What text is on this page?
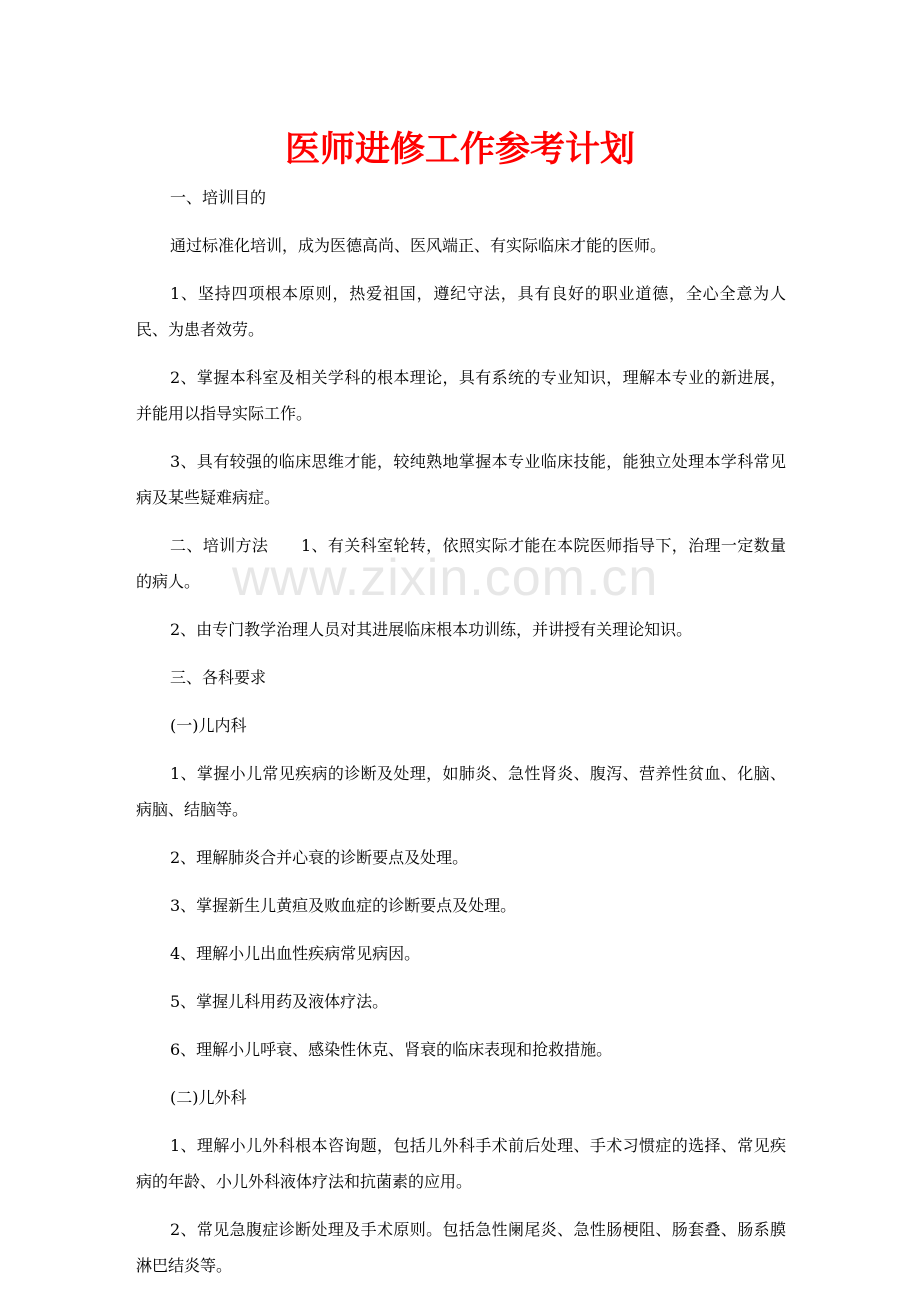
医师进修工作参考计划

一、培训目的

通过标准化培训，成为医德高尚、医风端正、有实际临床才能的医师。

1、坚持四项根本原则，热爱祖国，遵纪守法，具有良好的职业道德，全心全意为人民、为患者效劳。

2、掌握本科室及相关学科的根本理论，具有系统的专业知识，理解本专业的新进展，并能用以指导实际工作。

3、具有较强的临床思维才能，较纯熟地掌握本专业临床技能，能独立处理本学科常见病及某些疑难病症。

二、培训方法　　1、有关科室轮转，依照实际才能在本院医师指导下，治理一定数量的病人。

2、由专门教学治理人员对其进展临床根本功训练，并讲授有关理论知识。

三、各科要求

(一)儿内科

1、掌握小儿常见疾病的诊断及处理，如肺炎、急性肾炎、腹泻、营养性贫血、化脑、病脑、结脑等。

2、理解肺炎合并心衰的诊断要点及处理。

3、掌握新生儿黄疸及败血症的诊断要点及处理。

4、理解小儿出血性疾病常见病因。

5、掌握儿科用药及液体疗法。

6、理解小儿呼衰、感染性休克、肾衰的临床表现和抢救措施。

(二)儿外科

1、理解小儿外科根本咨询题，包括儿外科手术前后处理、手术习惯症的选择、常见疾病的年龄、小儿外科液体疗法和抗菌素的应用。

2、常见急腹症诊断处理及手术原则。包括急性阑尾炎、急性肠梗阻、肠套叠、肠系膜淋巴结炎等。

www.zixin.com.cn
